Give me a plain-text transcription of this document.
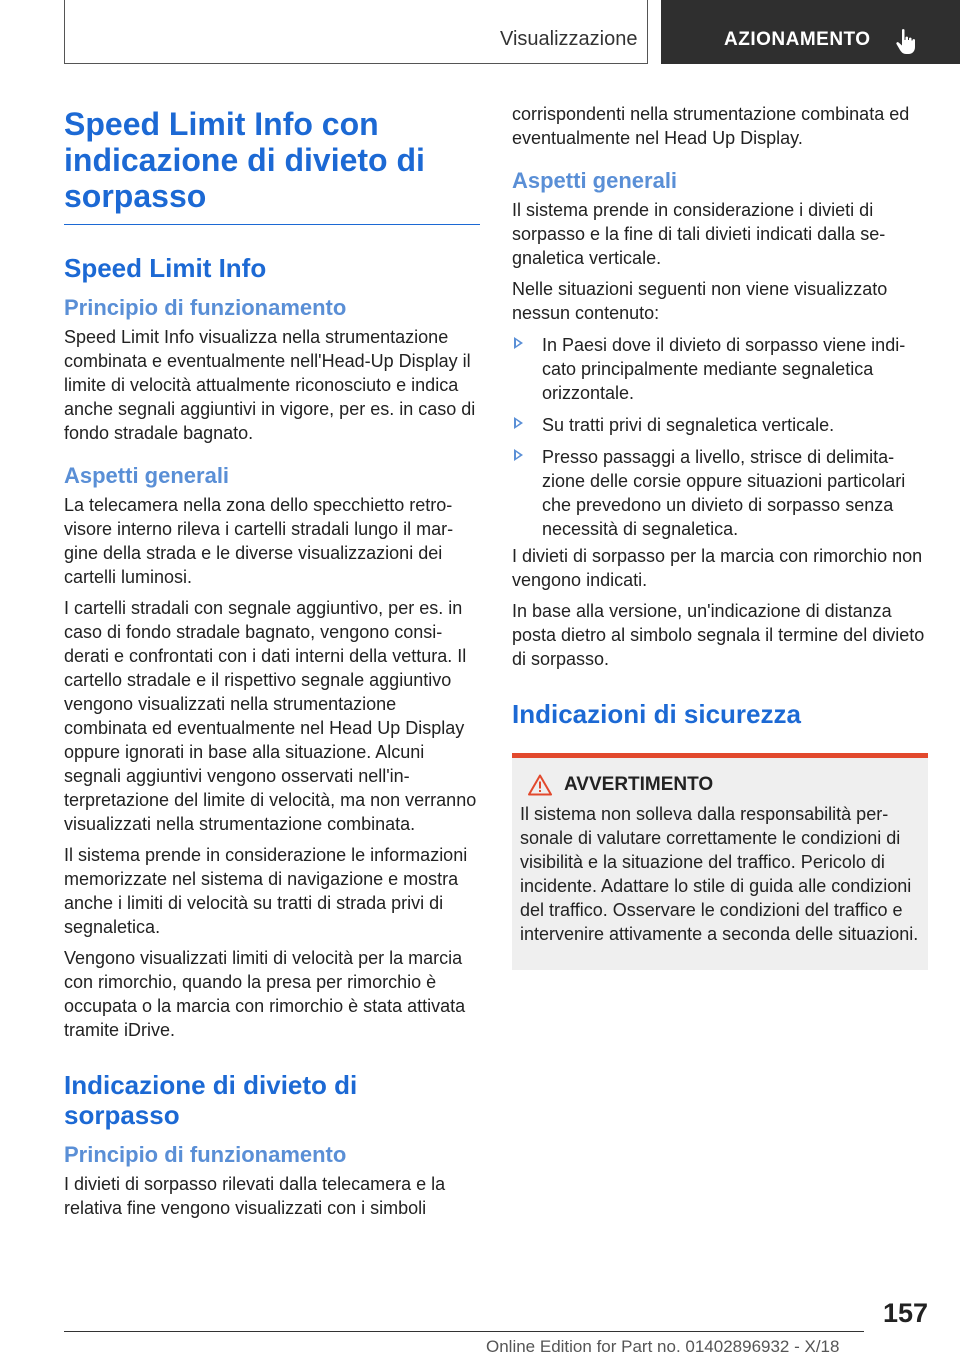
Visualizzazione	AZIONAMENTO
Speed Limit Info con indicazione di divieto di sorpasso
Speed Limit Info
Principio di funzionamento

Speed Limit Info visualizza nella strumentazione combinata e eventualmente nell'Head-Up Display il limite di velocità attualmente riconosciuto e indica anche segnali aggiuntivi in vigore, per es. in caso di fondo stradale bagnato.

Aspetti generali

La telecamera nella zona dello specchietto retrovisore interno rileva i cartelli stradali lungo il margine della strada e le diverse visualizzazioni dei cartelli luminosi.

I cartelli stradali con segnale aggiuntivo, per es. in caso di fondo stradale bagnato, vengono considerati e confrontati con i dati interni della vettura. Il cartello stradale e il rispettivo segnale aggiuntivo vengono visualizzati nella strumentazione combinata ed eventualmente nel Head Up Display oppure ignorati in base alla situazione. Alcuni segnali aggiuntivi vengono osservati nell'interpretazione del limite di velocità, ma non verranno visualizzati nella strumentazione combinata.

Il sistema prende in considerazione le informazioni memorizzate nel sistema di navigazione e mostra anche i limiti di velocità su tratti di strada privi di segnaletica.

Vengono visualizzati limiti di velocità per la marcia con rimorchio, quando la presa per rimorchio è occupata o la marcia con rimorchio è stata attivata tramite iDrive.

Indicazione di divieto di sorpasso
Principio di funzionamento

I divieti di sorpasso rilevati dalla telecamera e la relativa fine vengono visualizzati con i simboli

corrispondenti nella strumentazione combinata ed eventualmente nel Head Up Display.

Aspetti generali

Il sistema prende in considerazione i divieti di sorpasso e la fine di tali divieti indicati dalla segnaletica verticale.

Nelle situazioni seguenti non viene visualizzato nessun contenuto:

In Paesi dove il divieto di sorpasso viene indicato principalmente mediante segnaletica orizzontale.
Su tratti privi di segnaletica verticale.
Presso passaggi a livello, strisce di delimitazione delle corsie oppure situazioni particolari che prevedono un divieto di sorpasso senza necessità di segnaletica.

I divieti di sorpasso per la marcia con rimorchio non vengono indicati.

In base alla versione, un'indicazione di distanza posta dietro al simbolo segnala il termine del divieto di sorpasso.

Indicazioni di sicurezza
AVVERTIMENTO

Il sistema non solleva dalla responsabilità personale di valutare correttamente le condizioni di visibilità e la situazione del traffico. Pericolo di incidente. Adattare lo stile di guida alle condizioni del traffico. Osservare le condizioni del traffico e intervenire attivamente a seconda delle situazioni.

157
Online Edition for Part no. 01402896932 - X/18
